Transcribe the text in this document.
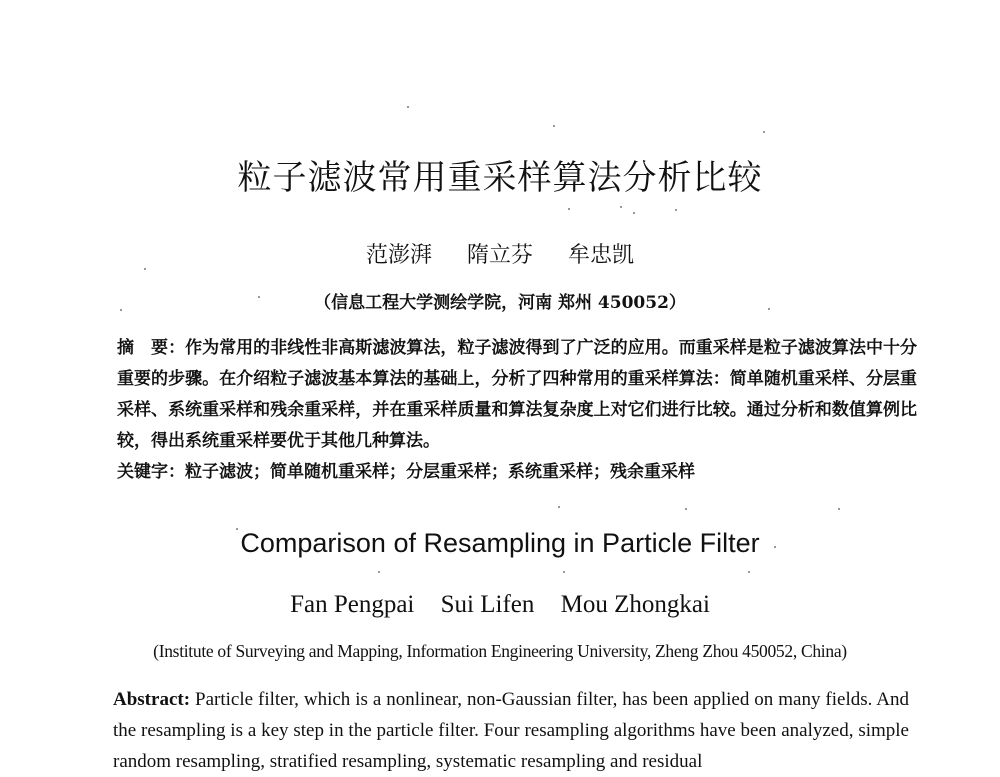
粒子滤波常用重采样算法分析比较
范澎湃 隋立芬 牟忠凯
（信息工程大学测绘学院，河南 郑州 450052）
摘　要：作为常用的非线性非高斯滤波算法，粒子滤波得到了广泛的应用。而重采样是粒子滤波算法中十分重要的步骤。在介绍粒子滤波基本算法的基础上，分析了四种常用的重采样算法：简单随机重采样、分层重采样、系统重采样和残余重采样，并在重采样质量和算法复杂度上对它们进行比较。通过分析和数值算例比较，得出系统重采样要优于其他几种算法。
关键字：粒子滤波；简单随机重采样；分层重采样；系统重采样；残余重采样
Comparison of Resampling in Particle Filter
Fan Pengpai Sui Lifen Mou Zhongkai
(Institute of Surveying and Mapping, Information Engineering University, Zheng Zhou 450052, China)
Abstract: Particle filter, which is a nonlinear, non-Gaussian filter, has been applied on many fields. And the resampling is a key step in the particle filter. Four resampling algorithms have been analyzed, simple random resampling, stratified resampling, systematic resampling and residual
